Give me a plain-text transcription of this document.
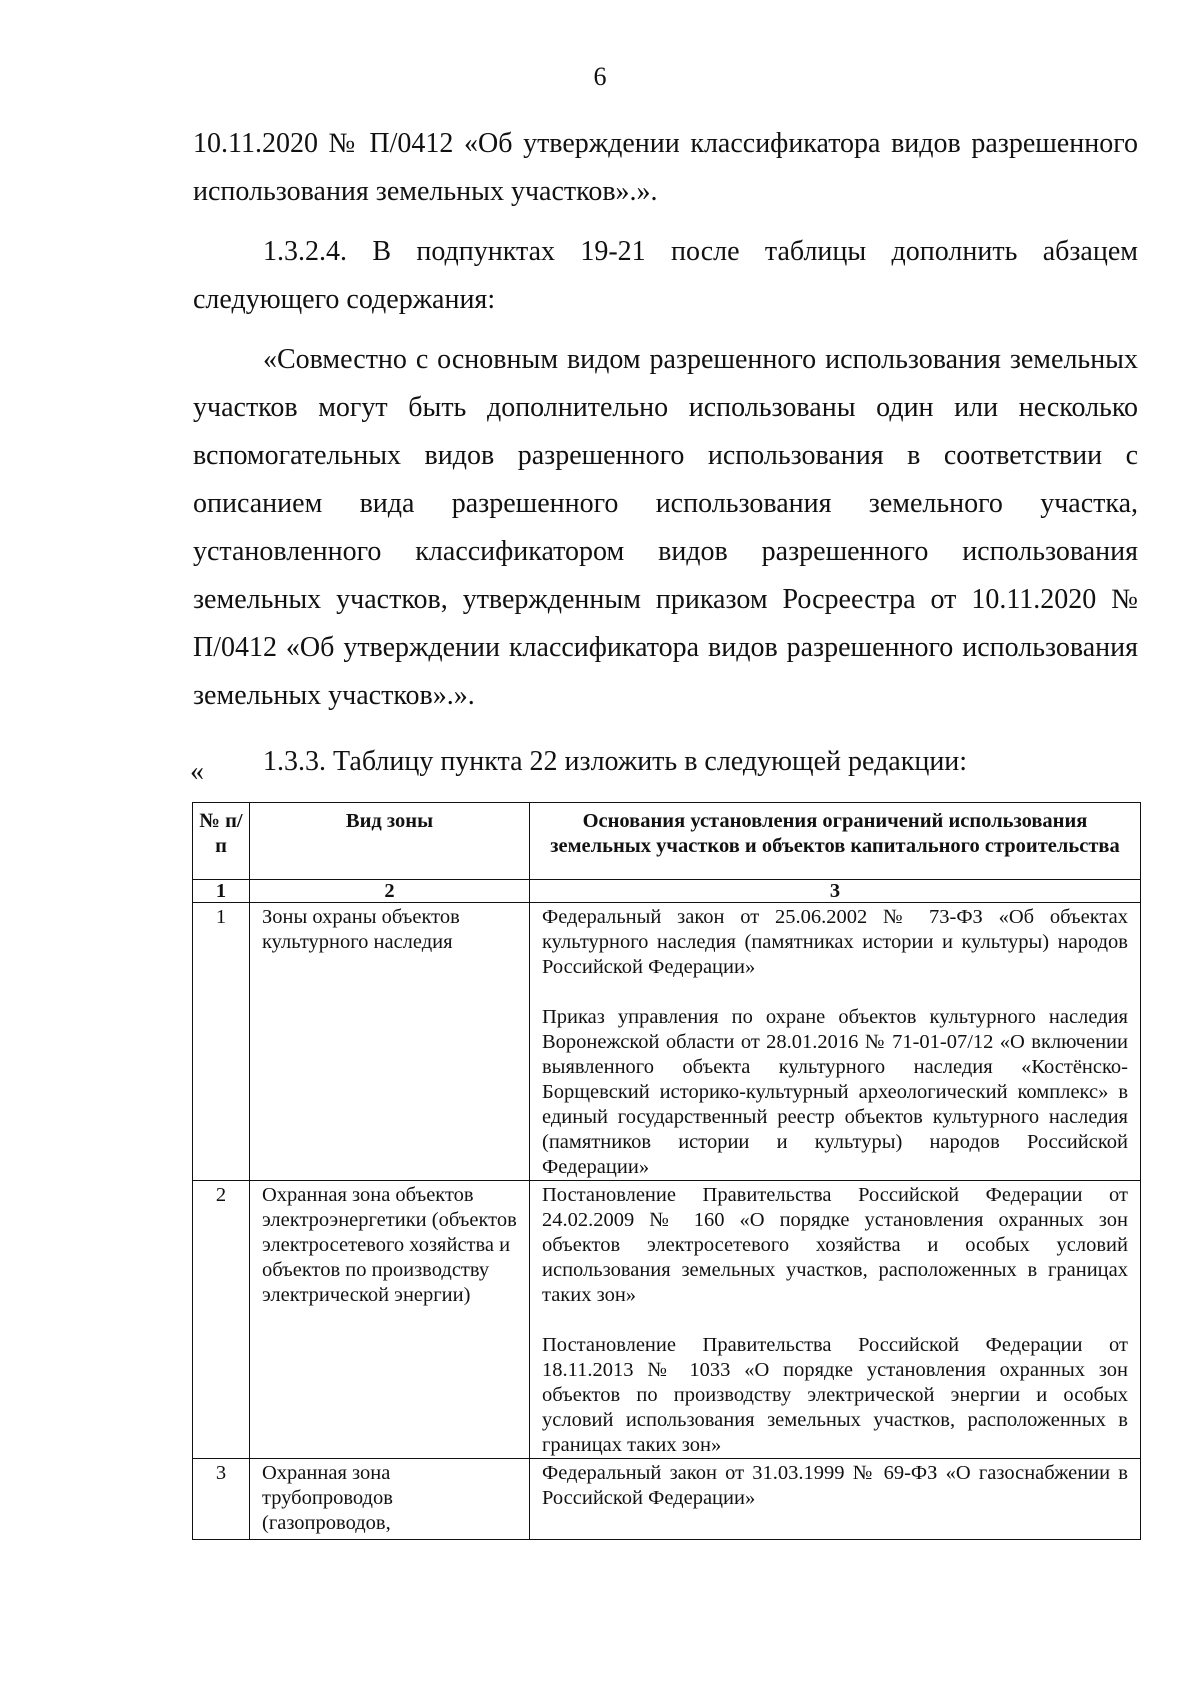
6

10.11.2020 № П/0412 «Об утверждении классификатора видов разрешенного использования земельных участков».».

1.3.2.4. В подпунктах 19-21 после таблицы дополнить абзацем следующего содержания:

«Совместно с основным видом разрешенного использования земельных участков могут быть дополнительно использованы один или несколько вспомогательных видов разрешенного использования в соответствии с описанием вида разрешенного использования земельного участка, установленного классификатором видов разрешенного использования земельных участков, утвержденным приказом Росреестра от 10.11.2020 № П/0412 «Об утверждении классификатора видов разрешенного использования земельных участков».».

1.3.3. Таблицу пункта 22 изложить в следующей редакции:

«
№ п/п	Вид зоны	Основания установления ограничений использования земельных участков и объектов капитального строительства
1	2	3
1	Зоны охраны объектов культурного наследия	Федеральный закон от 25.06.2002 № 73-ФЗ «Об объектах культурного наследия (памятниках истории и культуры) народов Российской Федерации»

Приказ управления по охране объектов культурного наследия Воронежской области от 28.01.2016 № 71-01-07/12 «О включении выявленного объекта культурного наследия «Костёнско-Борщевский историко-культурный археологический комплекс» в единый государственный реестр объектов культурного наследия (памятников истории и культуры) народов Российской Федерации»

2	Охранная зона объектов электроэнергетики (объектов электросетевого хозяйства и объектов по производству электрической энергии)	Постановление Правительства Российской Федерации от 24.02.2009 № 160 «О порядке установления охранных зон объектов электросетевого хозяйства и особых условий использования земельных участков, расположенных в границах таких зон»

Постановление Правительства Российской Федерации от 18.11.2013 № 1033 «О порядке установления охранных зон объектов по производству электрической энергии и особых условий использования земельных участков, расположенных в границах таких зон»

3	Охранная зона трубопроводов (газопроводов,	Федеральный закон от 31.03.1999 № 69-ФЗ «О газоснабжении в Российской Федерации»
